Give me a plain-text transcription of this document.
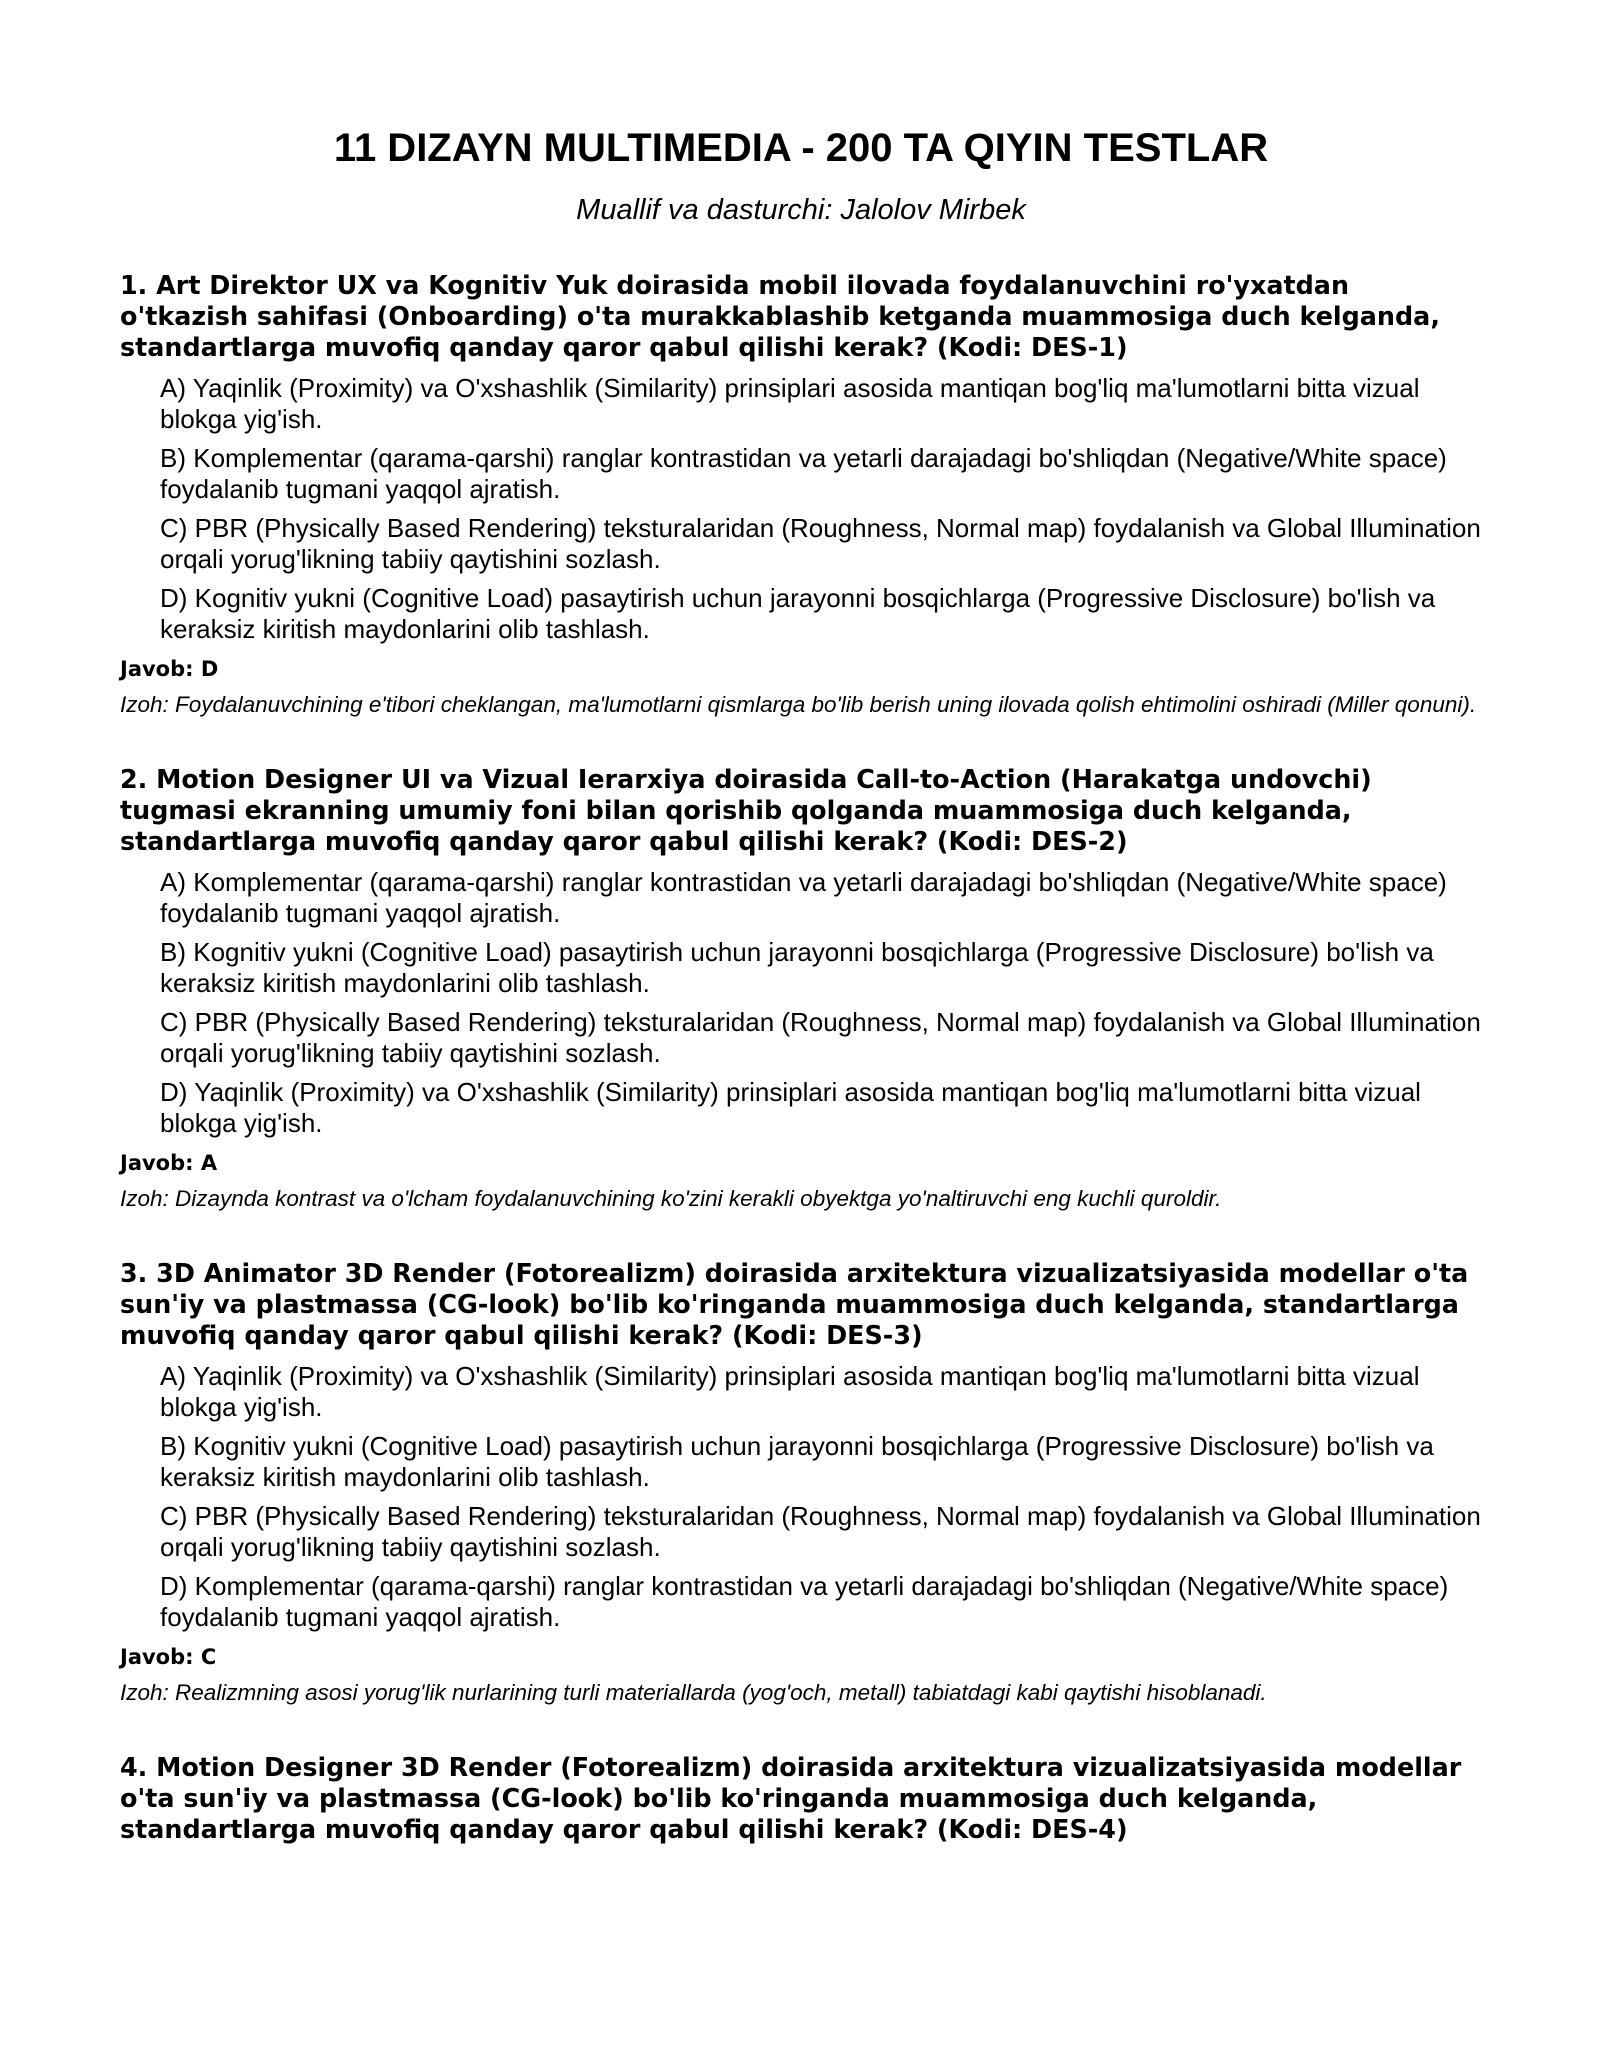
11 DIZAYN MULTIMEDIA - 200 TA QIYIN TESTLAR

Muallif va dasturchi: Jalolov Mirbek

1. Art Direktor UX va Kognitiv Yuk doirasida mobil ilovada foydalanuvchini ro'yxatdan o'tkazish sahifasi (Onboarding) o'ta murakkablashib ketganda muammosiga duch kelganda, standartlarga muvofiq qanday qaror qabul qilishi kerak? (Kodi: DES-1)

A) Yaqinlik (Proximity) va O'xshashlik (Similarity) prinsiplari asosida mantiqan bog'liq ma'lumotlarni bitta vizual blokga yig'ish.
B) Komplementar (qarama-qarshi) ranglar kontrastidan va yetarli darajadagi bo'shliqdan (Negative/White space) foydalanib tugmani yaqqol ajratish.
C) PBR (Physically Based Rendering) teksturalaridan (Roughness, Normal map) foydalanish va Global Illumination orqali yorug'likning tabiiy qaytishini sozlash.
D) Kognitiv yukni (Cognitive Load) pasaytirish uchun jarayonni bosqichlarga (Progressive Disclosure) bo'lish va keraksiz kiritish maydonlarini olib tashlash.

Javob: D

Izoh: Foydalanuvchining e'tibori cheklangan, ma'lumotlarni qismlarga bo'lib berish uning ilovada qolish ehtimolini oshiradi (Miller qonuni).

2. Motion Designer UI va Vizual Ierarxiya doirasida Call-to-Action (Harakatga undovchi) tugmasi ekranning umumiy foni bilan qorishib qolganda muammosiga duch kelganda, standartlarga muvofiq qanday qaror qabul qilishi kerak? (Kodi: DES-2)

A) Komplementar (qarama-qarshi) ranglar kontrastidan va yetarli darajadagi bo'shliqdan (Negative/White space) foydalanib tugmani yaqqol ajratish.
B) Kognitiv yukni (Cognitive Load) pasaytirish uchun jarayonni bosqichlarga (Progressive Disclosure) bo'lish va keraksiz kiritish maydonlarini olib tashlash.
C) PBR (Physically Based Rendering) teksturalaridan (Roughness, Normal map) foydalanish va Global Illumination orqali yorug'likning tabiiy qaytishini sozlash.
D) Yaqinlik (Proximity) va O'xshashlik (Similarity) prinsiplari asosida mantiqan bog'liq ma'lumotlarni bitta vizual blokga yig'ish.

Javob: A

Izoh: Dizaynda kontrast va o'lcham foydalanuvchining ko'zini kerakli obyektga yo'naltiruvchi eng kuchli quroldir.

3. 3D Animator 3D Render (Fotorealizm) doirasida arxitektura vizualizatsiyasida modellar o'ta sun'iy va plastmassa (CG-look) bo'lib ko'ringanda muammosiga duch kelganda, standartlarga muvofiq qanday qaror qabul qilishi kerak? (Kodi: DES-3)

A) Yaqinlik (Proximity) va O'xshashlik (Similarity) prinsiplari asosida mantiqan bog'liq ma'lumotlarni bitta vizual blokga yig'ish.
B) Kognitiv yukni (Cognitive Load) pasaytirish uchun jarayonni bosqichlarga (Progressive Disclosure) bo'lish va keraksiz kiritish maydonlarini olib tashlash.
C) PBR (Physically Based Rendering) teksturalaridan (Roughness, Normal map) foydalanish va Global Illumination orqali yorug'likning tabiiy qaytishini sozlash.
D) Komplementar (qarama-qarshi) ranglar kontrastidan va yetarli darajadagi bo'shliqdan (Negative/White space) foydalanib tugmani yaqqol ajratish.

Javob: C

Izoh: Realizmning asosi yorug'lik nurlarining turli materiallarda (yog'och, metall) tabiatdagi kabi qaytishi hisoblanadi.

4. Motion Designer 3D Render (Fotorealizm) doirasida arxitektura vizualizatsiyasida modellar o'ta sun'iy va plastmassa (CG-look) bo'lib ko'ringanda muammosiga duch kelganda, standartlarga muvofiq qanday qaror qabul qilishi kerak? (Kodi: DES-4)
